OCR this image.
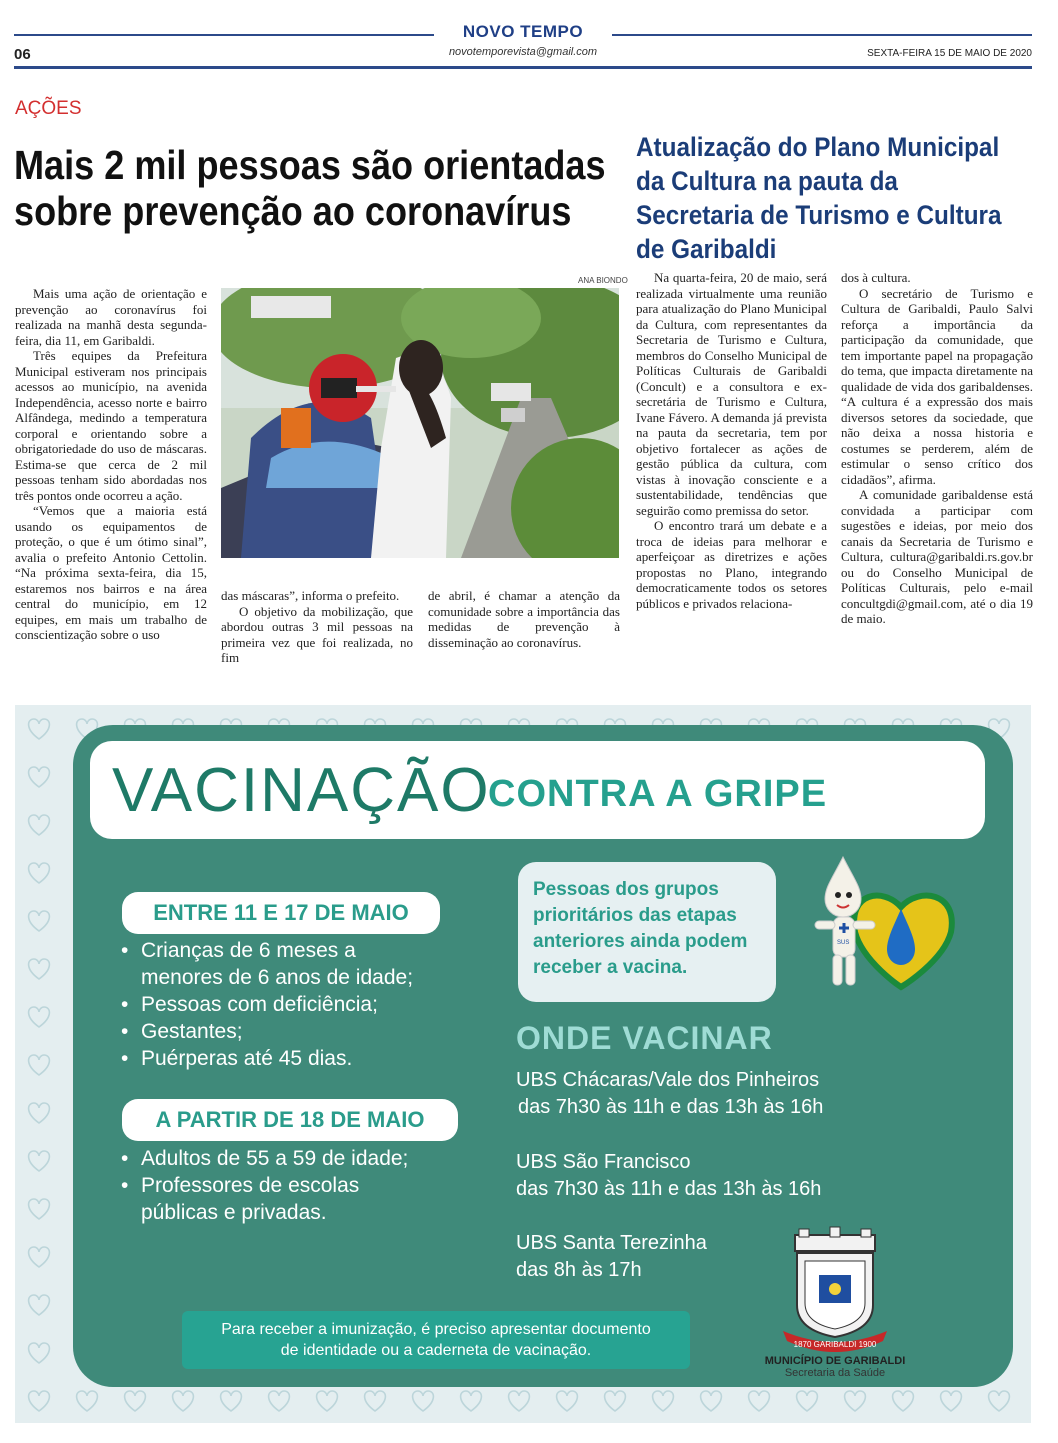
NOVO TEMPO
novotemporevista@gmail.com
06	SEXTA-FEIRA 15 DE MAIO DE 2020
AÇÕES
Mais 2 mil pessoas são orientadas sobre prevenção ao coronavírus
Atualização do Plano Municipal da Cultura na pauta da Secretaria de Turismo e Cultura de Garibaldi

Mais uma ação de orientação e prevenção ao coronavírus foi realizada na manhã desta segunda-feira, dia 11, em Garibaldi.

Três equipes da Prefeitura Municipal estiveram nos principais acessos ao município, na avenida Independência, acesso norte e bairro Alfândega, medindo a temperatura corporal e orientando sobre a obrigatoriedade do uso de máscaras. Estima-se que cerca de 2 mil pessoas tenham sido abordadas nos três pontos onde ocorreu a ação.

“Vemos que a maioria está usando os equipamentos de proteção, o que é um ótimo sinal”, avalia o prefeito Antonio Cettolin. “Na próxima sexta-feira, dia 15, estaremos nos bairros e na área central do município, em 12 equipes, em mais um trabalho de conscientização sobre o uso

ANA BIONDO

das máscaras”, informa o prefeito.

O objetivo da mobilização, que abordou outras 3 mil pessoas na primeira vez que foi realizada, no fim

de abril, é chamar a atenção da comunidade sobre a importância das medidas de prevenção à disseminação ao coronavírus.

Na quarta-feira, 20 de maio, será realizada virtualmente uma reunião para atualização do Plano Municipal da Cultura, com representantes da Secretaria de Turismo e Cultura, membros do Conselho Municipal de Políticas Culturais de Garibaldi (Concult) e a consultora e ex-secretária de Turismo e Cultura, Ivane Fávero. A demanda já prevista na pauta da secretaria, tem por objetivo fortalecer as ações de gestão pública da cultura, com vistas à inovação consciente e a sustentabilidade, tendências que seguirão como premissa do setor.

O encontro trará um debate e a troca de ideias para melhorar e aperfeiçoar as diretrizes e ações propostas no Plano, integrando democraticamente todos os setores públicos e privados relaciona-

dos à cultura.

O secretário de Turismo e Cultura de Garibaldi, Paulo Salvi reforça a importância da participação da comunidade, que tem importante papel na propagação do tema, que impacta diretamente na qualidade de vida dos garibaldenses. “A cultura é a expressão dos mais diversos setores da sociedade, que não deixa a nossa historia e costumes se perderem, além de estimular o senso crítico dos cidadãos”, afirma.

A comunidade garibaldense está convidada a participar com sugestões e ideias, por meio dos canais da Secretaria de Turismo e Cultura, cultura@garibaldi.rs.gov.br ou do Conselho Municipal de Políticas Culturais, pelo e-mail concultgdi@gmail.com, até o dia 19 de maio.

VACINAÇÃO
CONTRA A GRIPE
ENTRE 11 E 17 DE MAIO
• Crianças de 6 meses a menores de 6 anos de idade;
• Pessoas com deficiência;
• Gestantes;
• Puérperas até 45 dias.
A PARTIR DE 18 DE MAIO
• Adultos de 55 a 59 de idade;
• Professores de escolas públicas e privadas.
Pessoas dos grupos prioritários das etapas anteriores ainda podem receber a vacina.
SUS
ONDE VACINAR
UBS Chácaras/Vale dos Pinheiros
das 7h30 às 11h e das 13h às 16h
UBS São Francisco
das 7h30 às 11h e das 13h às 16h
UBS Santa Terezinha
das 8h às 17h
Para receber a imunização, é preciso apresentar documento
de identidade ou a caderneta de vacinação.	1870 GARIBALDI 1900
MUNICÍPIO DE GARIBALDI
Secretaria da Saúde
